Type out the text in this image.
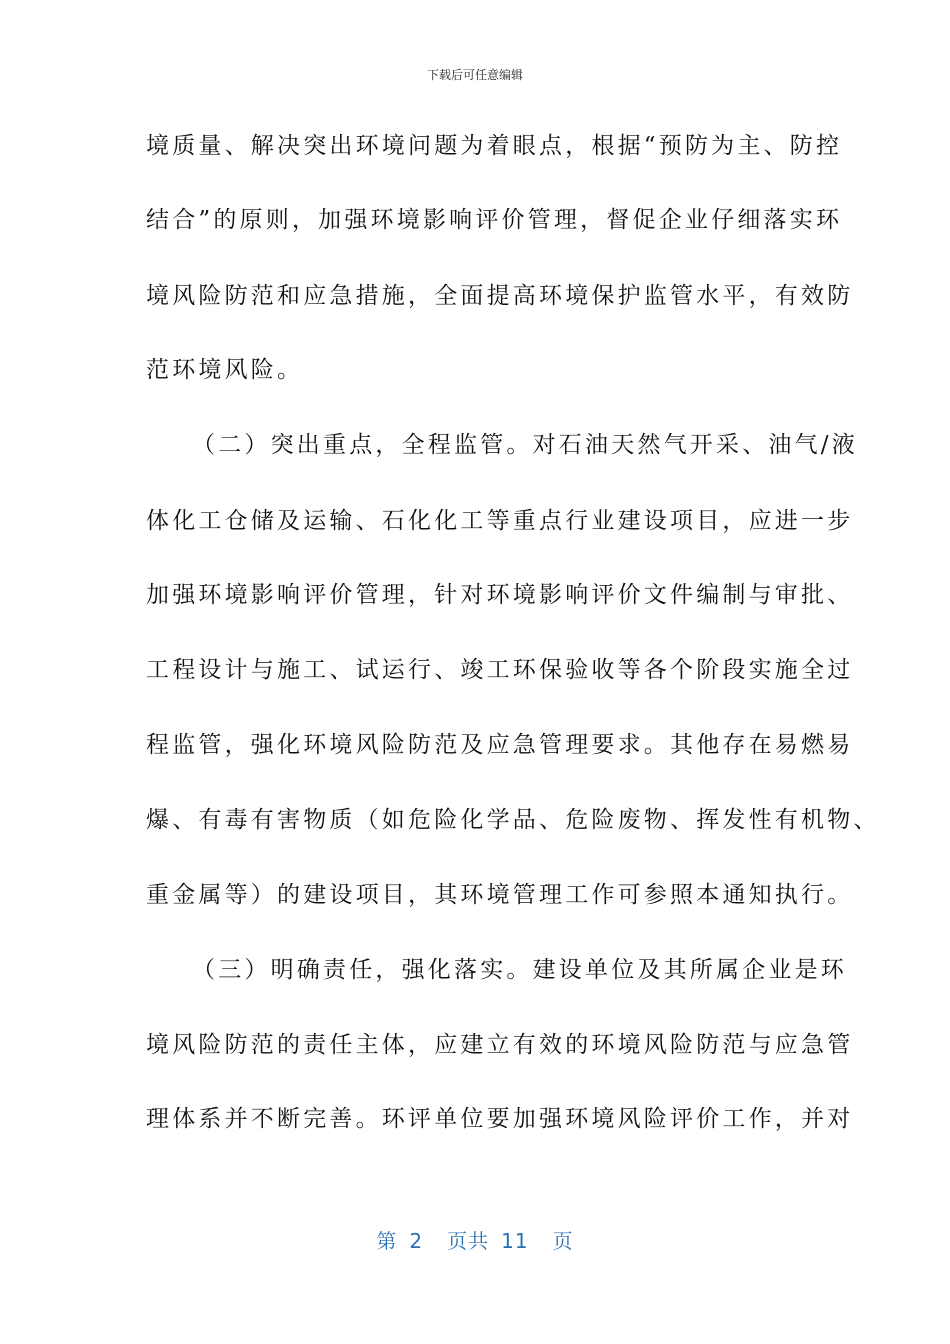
下载后可任意编辑
境质量、解决突出环境问题为着眼点，根据“预防为主、防控
结合”的原则，加强环境影响评价管理，督促企业仔细落实环
境风险防范和应急措施，全面提高环境保护监管水平，有效防
范环境风险。
（二）突出重点，全程监管。对石油天然气开采、油气/液
体化工仓储及运输、石化化工等重点行业建设项目，应进一步
加强环境影响评价管理，针对环境影响评价文件编制与审批、
工程设计与施工、试运行、竣工环保验收等各个阶段实施全过
程监管，强化环境风险防范及应急管理要求。其他存在易燃易
爆、有毒有害物质（如危险化学品、危险废物、挥发性有机物、
重金属等）的建设项目，其环境管理工作可参照本通知执行。
（三）明确责任，强化落实。建设单位及其所属企业是环
境风险防范的责任主体，应建立有效的环境风险防范与应急管
理体系并不断完善。环评单位要加强环境风险评价工作，并对
第 2 页共 11 页
